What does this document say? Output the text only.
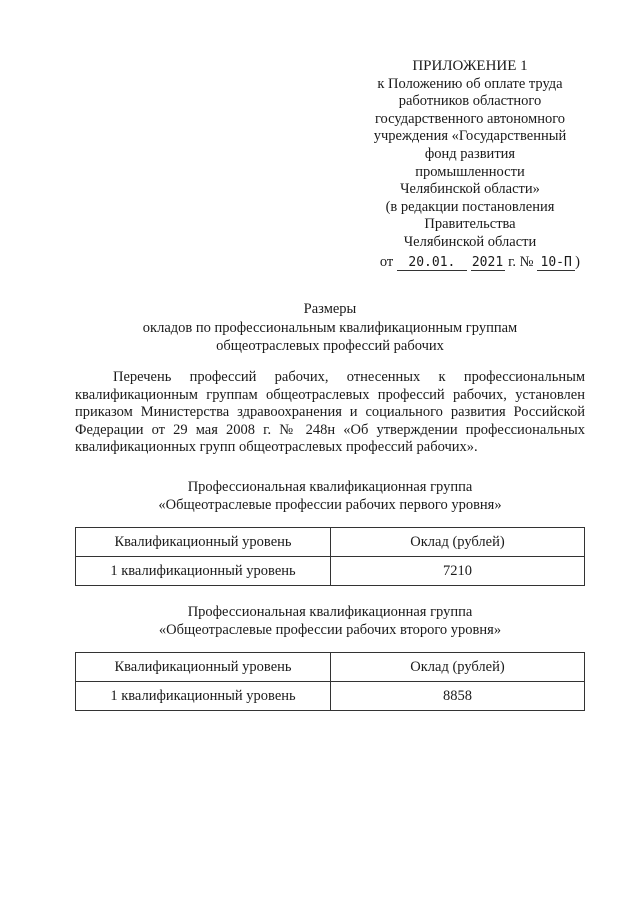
ПРИЛОЖЕНИЕ 1
к Положению об оплате труда
работников областного
государственного автономного
учреждения «Государственный
фонд развития
промышленности
Челябинской области»
(в редакции постановления
Правительства
Челябинской области
от 20.01. 2021 г. № 10-П )
Размеры
окладов по профессиональным квалификационным группам
общеотраслевых профессий рабочих
Перечень профессий рабочих, отнесенных к профессиональным квалификационным группам общеотраслевых профессий рабочих, установлен приказом Министерства здравоохранения и социального развития Российской Федерации от 29 мая 2008 г. № 248н «Об утверждении профессиональных квалификационных групп общеотраслевых профессий рабочих».
Профессиональная квалификационная группа
«Общеотраслевые профессии рабочих первого уровня»
Квалификационный уровень	Оклад (рублей)
1 квалификационный уровень	7210
Профессиональная квалификационная группа
«Общеотраслевые профессии рабочих второго уровня»
Квалификационный уровень	Оклад (рублей)
1 квалификационный уровень	8858
